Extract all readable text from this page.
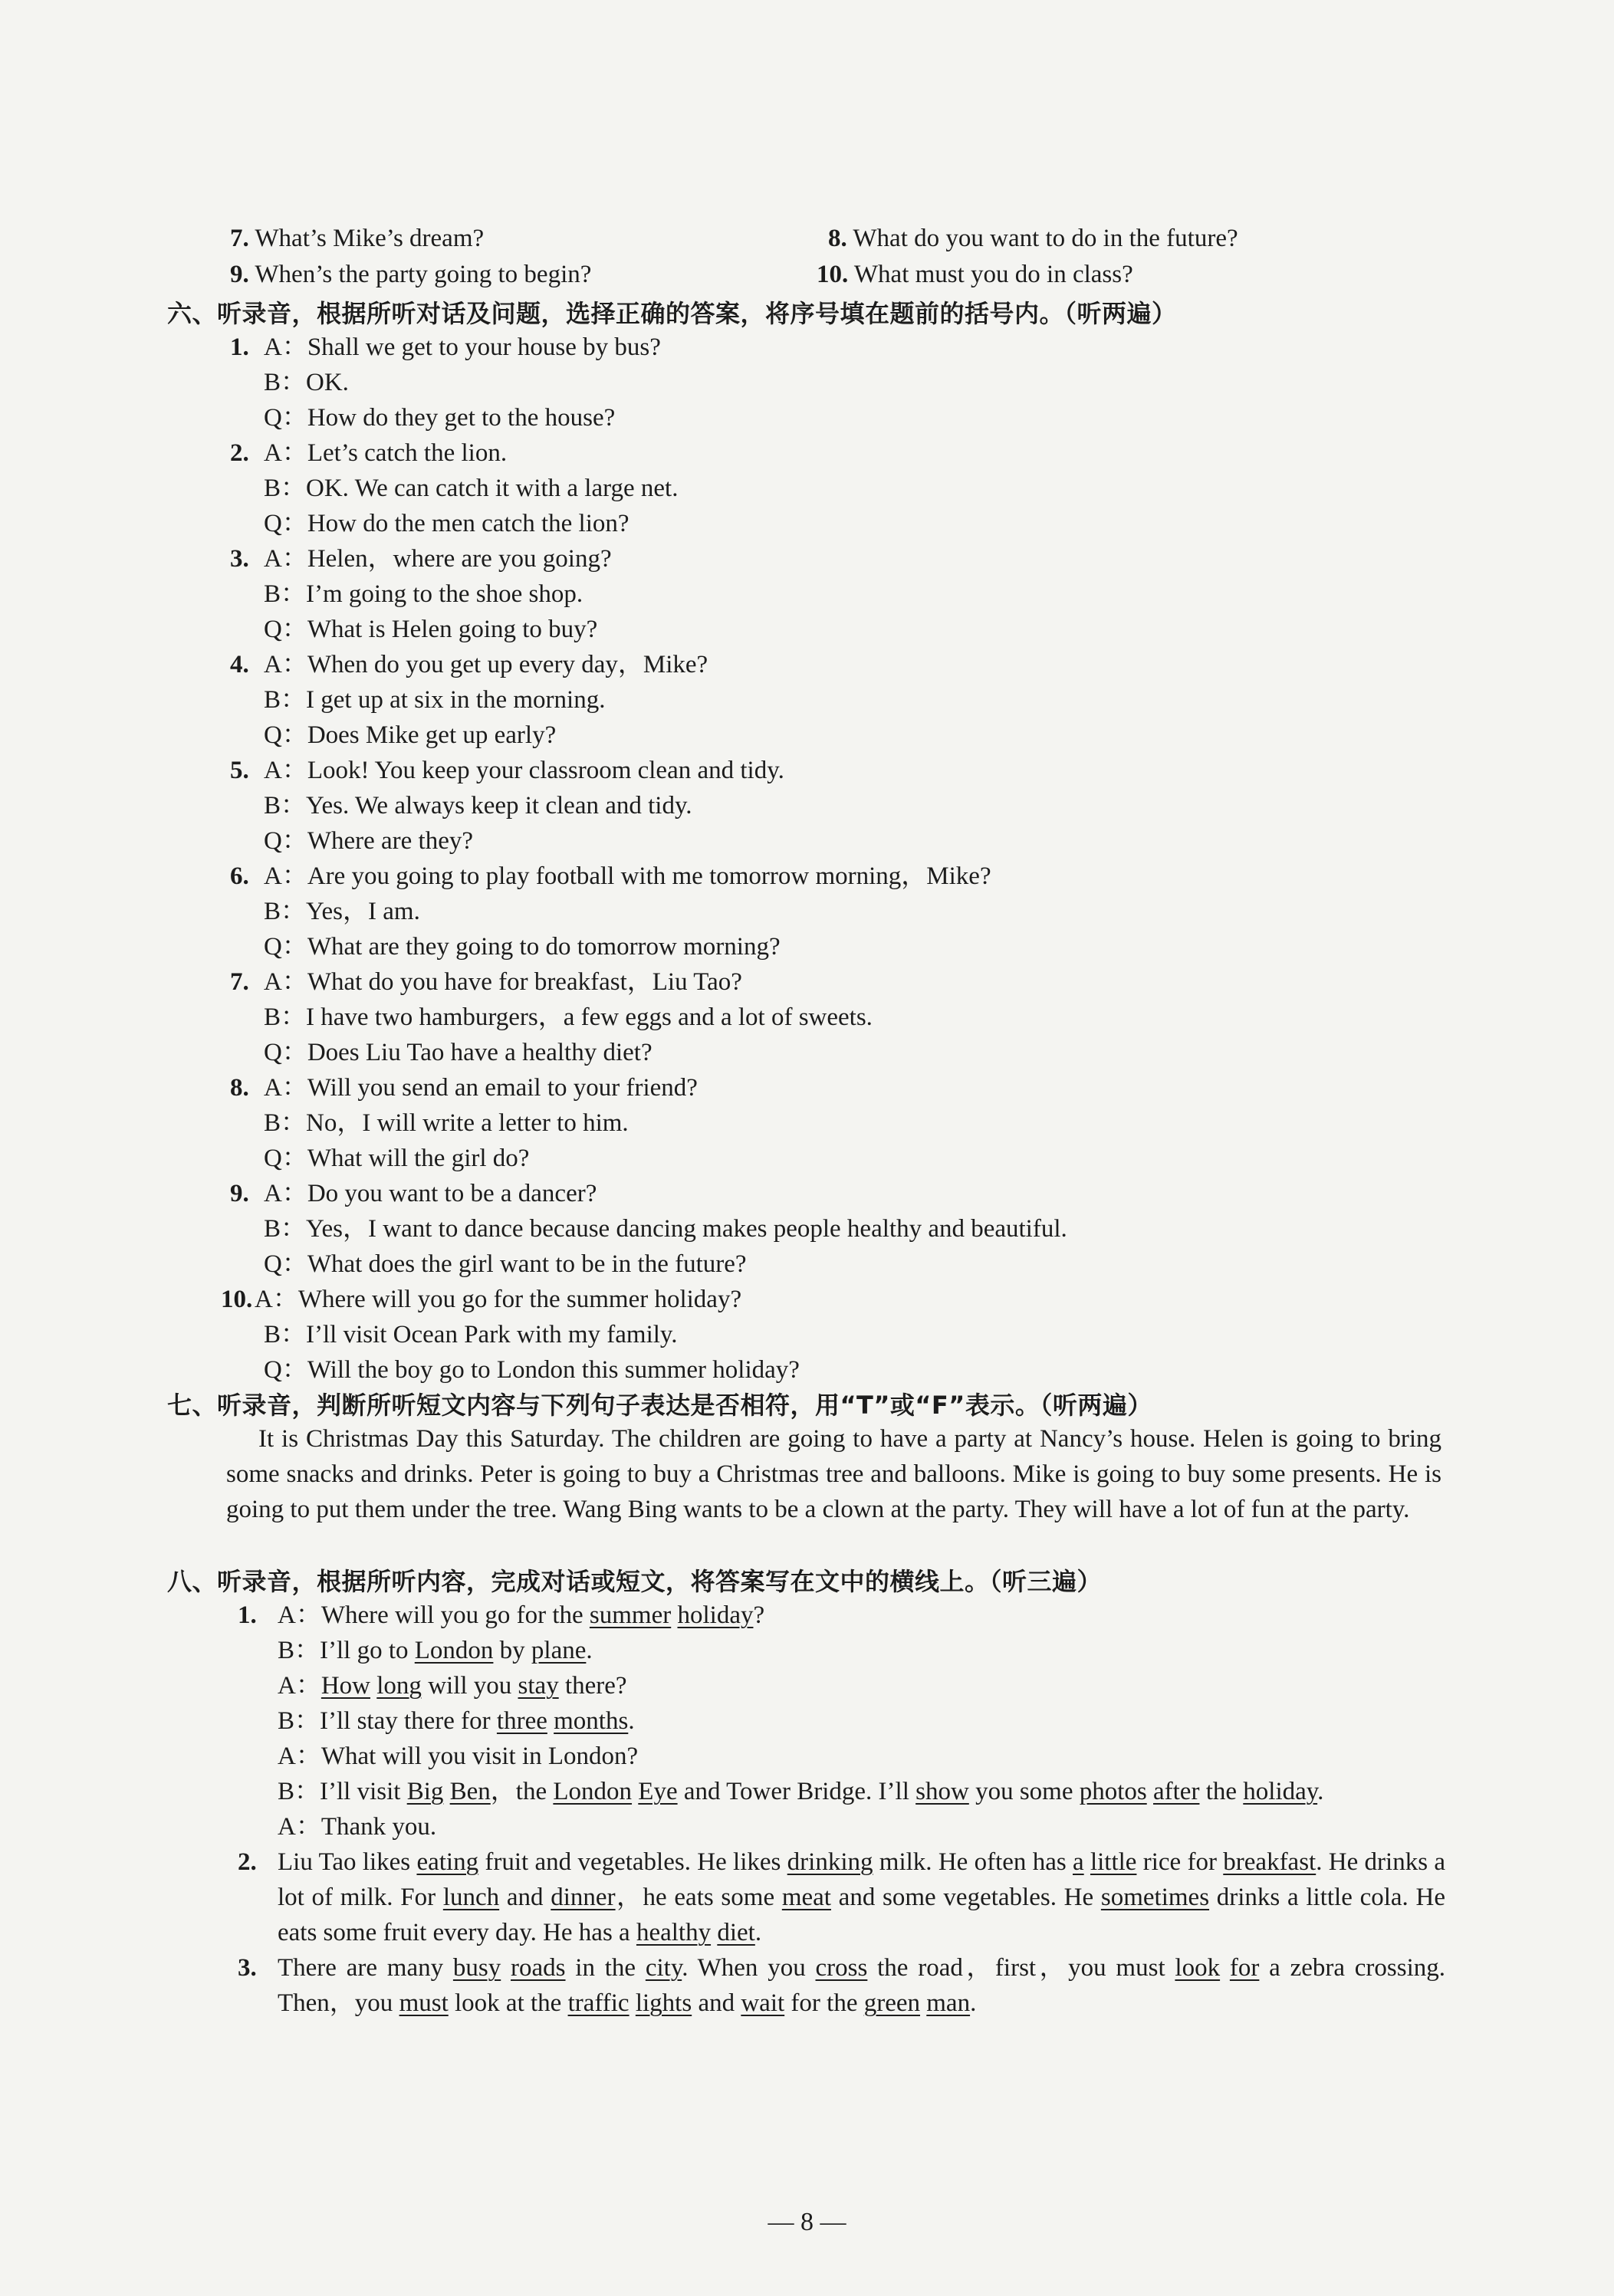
7. What’s Mike’s dream?	8. What do you want to do in the future?
9. When’s the party going to begin?	10. What must you do in class?
六、听录音，根据所听对话及问题，选择正确的答案，将序号填在题前的括号内。（听两遍）
1. A：Shall we get to your house by bus?
B：OK.
Q：How do they get to the house?
2. A：Let’s catch the lion.
B：OK. We can catch it with a large net.
Q：How do the men catch the lion?
3. A：Helen，where are you going?
B：I’m going to the shoe shop.
Q：What is Helen going to buy?
4. A：When do you get up every day，Mike?
B：I get up at six in the morning.
Q：Does Mike get up early?
5. A：Look! You keep your classroom clean and tidy.
B：Yes. We always keep it clean and tidy.
Q：Where are they?
6. A：Are you going to play football with me tomorrow morning，Mike?
B：Yes，I am.
Q：What are they going to do tomorrow morning?
7. A：What do you have for breakfast，Liu Tao?
B：I have two hamburgers，a few eggs and a lot of sweets.
Q：Does Liu Tao have a healthy diet?
8. A：Will you send an email to your friend?
B：No，I will write a letter to him.
Q：What will the girl do?
9. A：Do you want to be a dancer?
B：Yes，I want to dance because dancing makes people healthy and beautiful.
Q：What does the girl want to be in the future?
10. A：Where will you go for the summer holiday?
B：I’ll visit Ocean Park with my family.
Q：Will the boy go to London this summer holiday?
七、听录音，判断所听短文内容与下列句子表达是否相符，用“T”或“F”表示。（听两遍）
It is Christmas Day this Saturday. The children are going to have a party at Nancy’s house. Helen is going to bring some snacks and drinks. Peter is going to buy a Christmas tree and balloons. Mike is going to buy some presents. He is going to put them under the tree. Wang Bing wants to be a clown at the party. They will have a lot of fun at the party.
八、听录音，根据所听内容，完成对话或短文，将答案写在文中的横线上。（听三遍）
1. A：Where will you go for the summer holiday?
B：I’ll go to London by plane.
A：How long will you stay there?
B：I’ll stay there for three months.
A：What will you visit in London?
B：I’ll visit Big Ben，the London Eye and Tower Bridge. I’ll show you some photos after the holiday.
A：Thank you.
2. Liu Tao likes eating fruit and vegetables. He likes drinking milk. He often has a little rice for breakfast. He drinks a lot of milk. For lunch and dinner，he eats some meat and some vegetables. He sometimes drinks a little cola. He eats some fruit every day. He has a healthy diet.
3. There are many busy roads in the city. When you cross the road，first，you must look for a zebra crossing. Then，you must look at the traffic lights and wait for the green man.
— 8 —
